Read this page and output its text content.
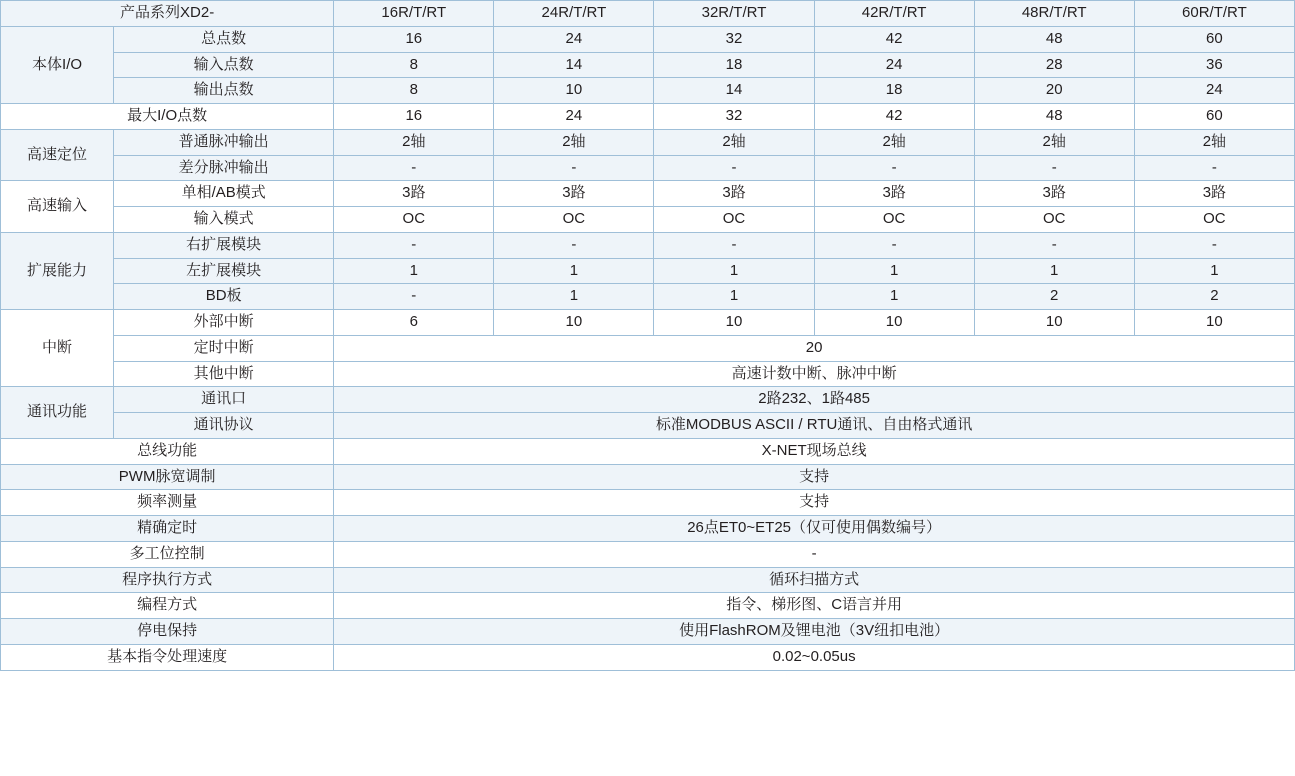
产品系列XD2-		16R/T/RT	24R/T/RT	32R/T/RT	42R/T/RT	48R/T/RT	60R/T/RT
本体I/O	总点数	16	24	32	42	48	60
	输入点数	8	14	18	24	28	36
	输出点数	8	10	14	18	20	24
最大I/O点数		16	24	32	42	48	60
高速定位	普通脉冲输出	2轴	2轴	2轴	2轴	2轴	2轴
	差分脉冲输出	-	-	-	-	-	-
高速输入	单相/AB模式	3路	3路	3路	3路	3路	3路
	输入模式	OC	OC	OC	OC	OC	OC
扩展能力	右扩展模块	-	-	-	-	-	-
	左扩展模块	1	1	1	1	1	1
	BD板	-	1	1	1	2	2
中断	外部中断	6	10	10	10	10	10
	定时中断	20					
	其他中断	高速计数中断、脉冲中断					
通讯功能	通讯口	2路232、1路485					
	通讯协议	标准MODBUS ASCII / RTU通讯、自由格式通讯					
总线功能		X-NET现场总线					
PWM脉宽调制		支持					
频率测量		支持					
精确定时		26点ET0~ET25（仅可使用偶数编号）					
多工位控制		-					
程序执行方式		循环扫描方式					
编程方式		指令、梯形图、C语言并用					
停电保持		使用FlashROM及锂电池（3V纽扣电池）					
基本指令处理速度		0.02~0.05us					
